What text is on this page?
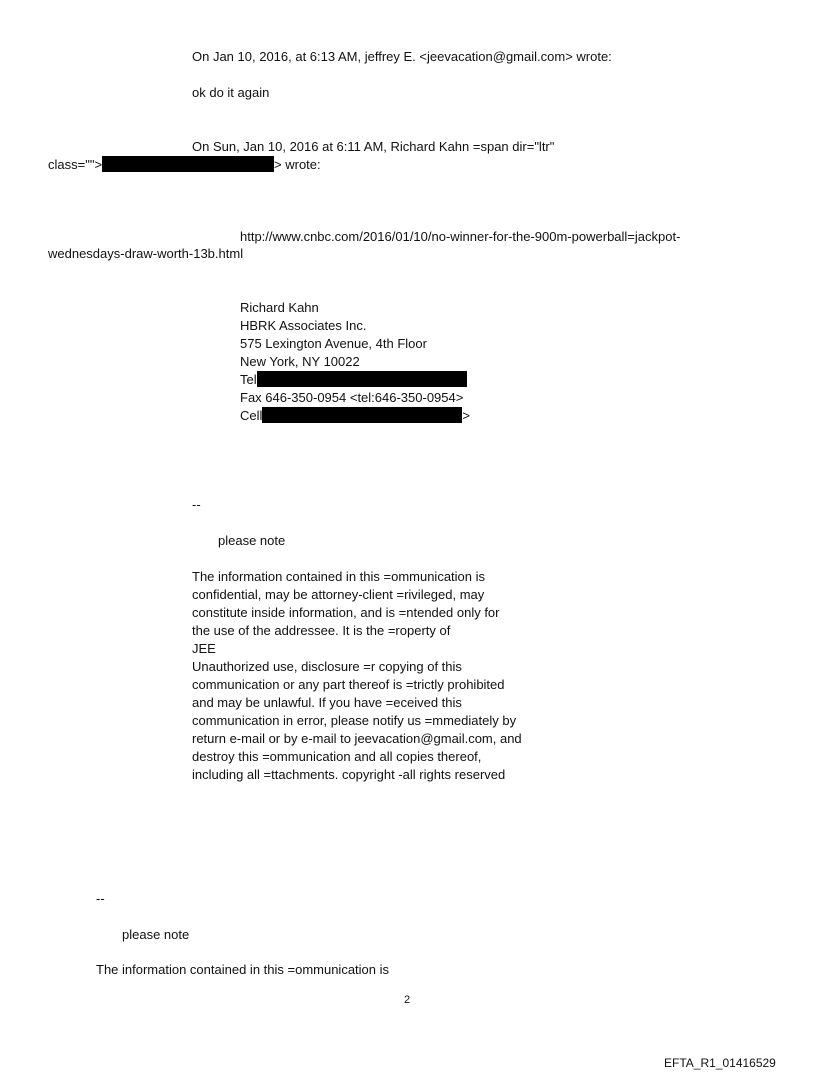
On Jan 10, 2016, at 6:13 AM, jeffrey E. <jeevacation@gmail.com> wrote:
ok do it again
On Sun, Jan 10, 2016 at 6:11 AM, Richard Kahn =span dir="ltr"
class="">	> wrote:
http://www.cnbc.com/2016/01/10/no-winner-for-the-900m-powerball=jackpot-
wednesdays-draw-worth-13b.html
Richard Kahn
HBRK Associates Inc.
575 Lexington Avenue, 4th Floor
New York, NY 10022
Tel
Fax 646-350-0954 <tel:646-350-0954>
Cell	>
--
please note
The information contained in this =ommunication is
confidential, may be attorney-client =rivileged, may
constitute inside information, and is =ntended only for
the use of the addressee. It is the =roperty of
JEE
Unauthorized use, disclosure =r copying of this
communication or any part thereof is =trictly prohibited
and may be unlawful. If you have =eceived this
communication in error, please notify us =mmediately by
return e-mail or by e-mail to jeevacation@gmail.com, and
destroy this =ommunication and all copies thereof,
including all =ttachments. copyright -all rights reserved
--
please note
The information contained in this =ommunication is
2
EFTA_R1_01416529
